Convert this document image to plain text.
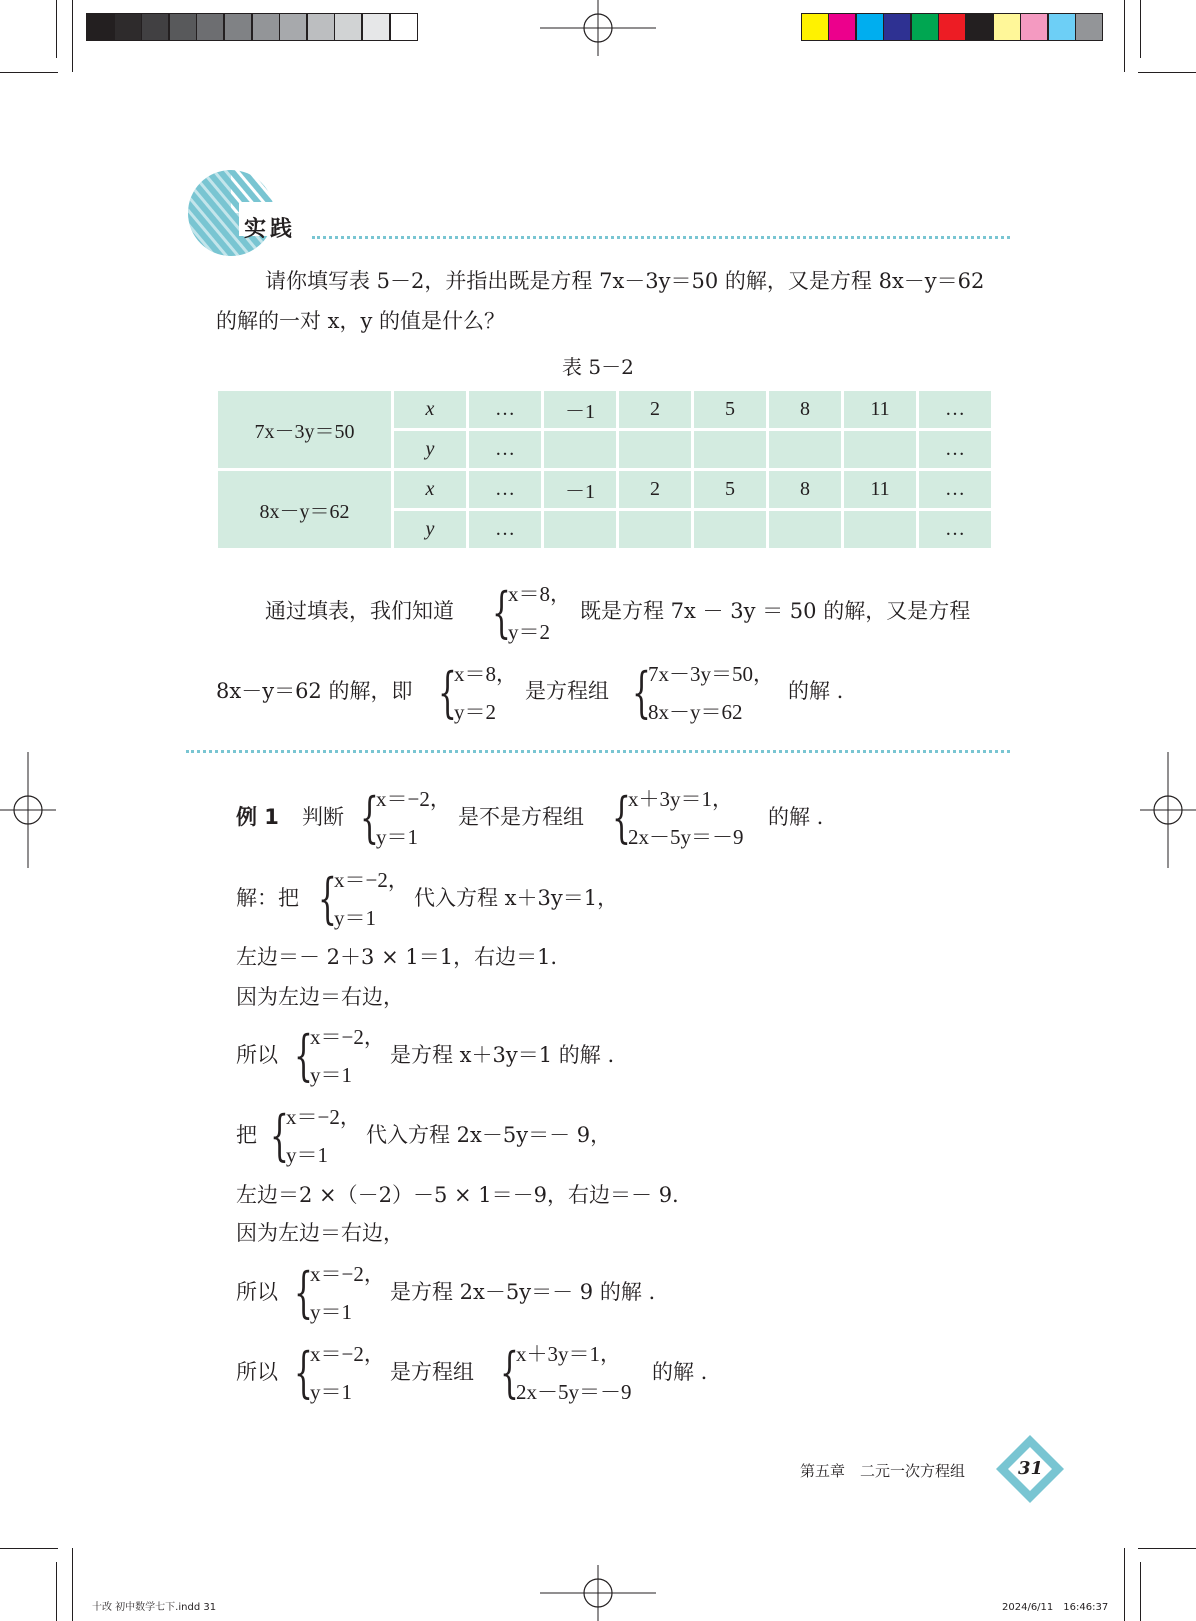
实践
请你填写表 5－2，并指出既是方程 7x－3y＝50 的解，又是方程 8x－y＝62
的解的一对 x，y 的值是什么？
表 5－2
7x－3y＝50	x	…	－1	2	5	8	11	…
	y	…						…
8x－y＝62	x	…	－1	2	5	8	11	…
	y	…						…
通过填表，我们知道 {
x＝8，
y＝2
既是方程 7x － 3y ＝ 50 的解，又是方程
8x－y＝62 的解，即 {
x＝8，
y＝2
是方程组 {
7x－3y＝50，
8x－y＝62
的解 .
例 1 判断 {
x＝−2，
y＝1
是不是方程组 {
x＋3y＝1，
2x－5y＝－9
的解 .
解：把 {
x＝−2，
y＝1
代入方程 x＋3y＝1，
左边＝－ 2＋3 × 1＝1，右边＝1.
因为左边＝右边，
所以 {
x＝−2，
y＝1
是方程 x＋3y＝1 的解 .
把 {
x＝−2，
y＝1
代入方程 2x－5y＝－ 9，
左边＝2 ×（－2）－5 × 1＝－9，右边＝－ 9.
因为左边＝右边，
所以 {
x＝−2，
y＝1
是方程 2x－5y＝－ 9 的解 .
所以 {
x＝−2，
y＝1
是方程组 {
x＋3y＝1，
2x－5y＝－9
的解 .
第五章　二元一次方程组	31
十改 初中数学七下.indd 31	2024/6/11　16:46:37
